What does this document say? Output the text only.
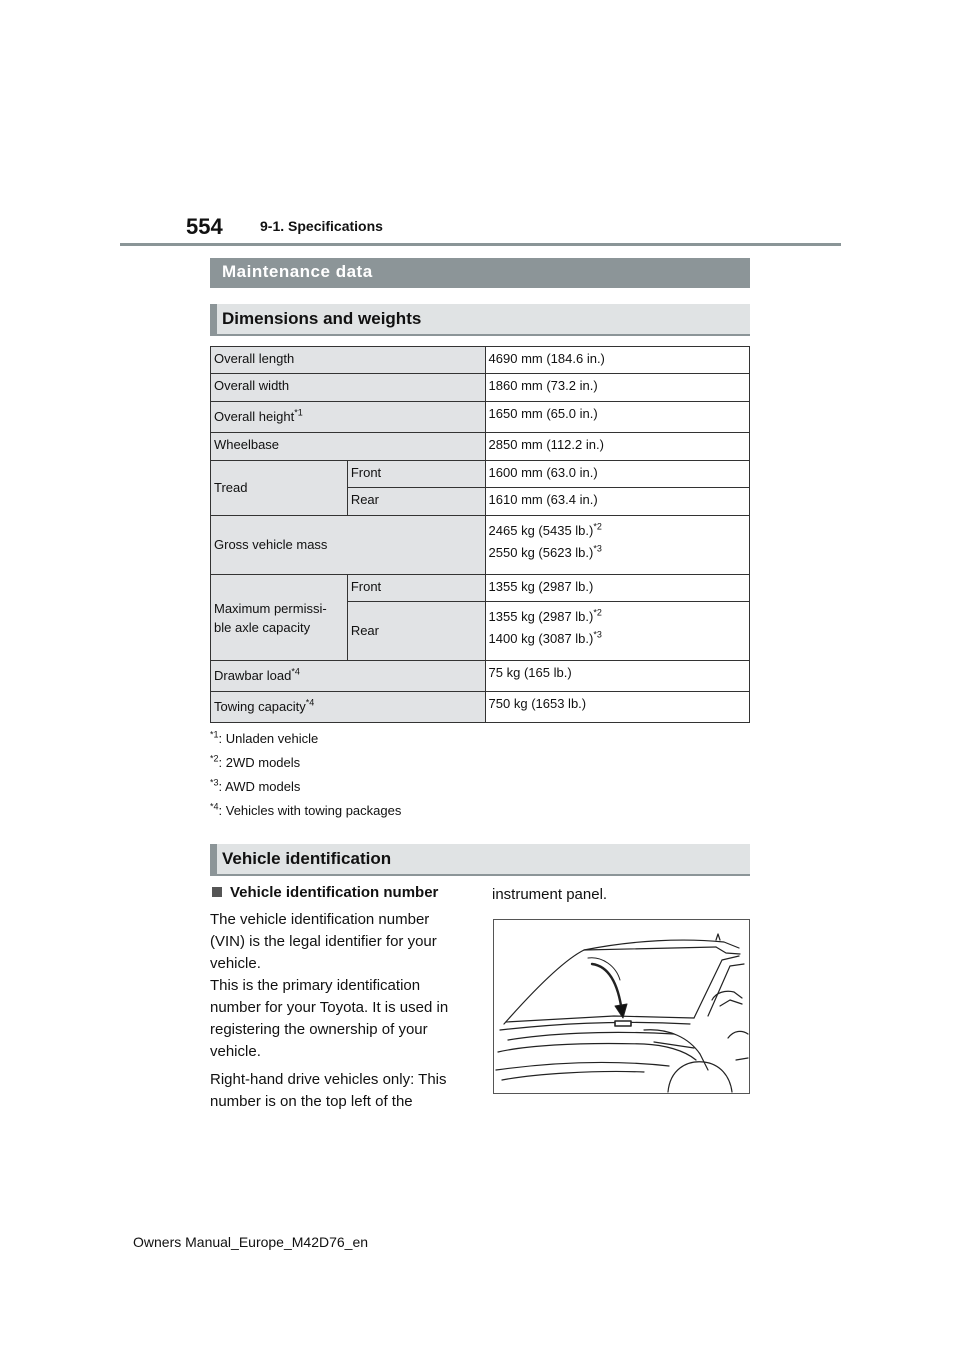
554	9-1. Specifications
Maintenance data
Dimensions and weights
Overall length		4690 mm (184.6 in.)
Overall width		1860 mm (73.2 in.)
Overall height$^{*1}$		1650 mm (65.0 in.)
Wheelbase		2850 mm (112.2 in.)
Tread	Front	1600 mm (63.0 in.)
	Rear	1610 mm (63.4 in.)
Gross vehicle mass		2465 kg (5435 lb.)$^{*2}$

2550 kg (5623 lb.)$^{*3}$

Maximum permissi-
ble axle capacity	Front	1355 kg (2987 lb.)
	Rear	1355 kg (2987 lb.)$^{*2}$

1400 kg (3087 lb.)$^{*3}$

Drawbar load$^{*4}$		75 kg (165 lb.)
Towing capacity$^{*4}$		750 kg (1653 lb.)
$^{*1}$: Unladen vehicle
$^{*2}$: 2WD models
$^{*3}$: AWD models
$^{*4}$: Vehicles with towing packages
Vehicle identification
Vehicle identification number

The vehicle identification number
(VIN) is the legal identifier for your
vehicle.
This is the primary identification
number for your Toyota. It is used in
registering the ownership of your
vehicle.

Right-hand drive vehicles only: This
number is on the top left of the

instrument panel.
Owners Manual_Europe_M42D76_en
